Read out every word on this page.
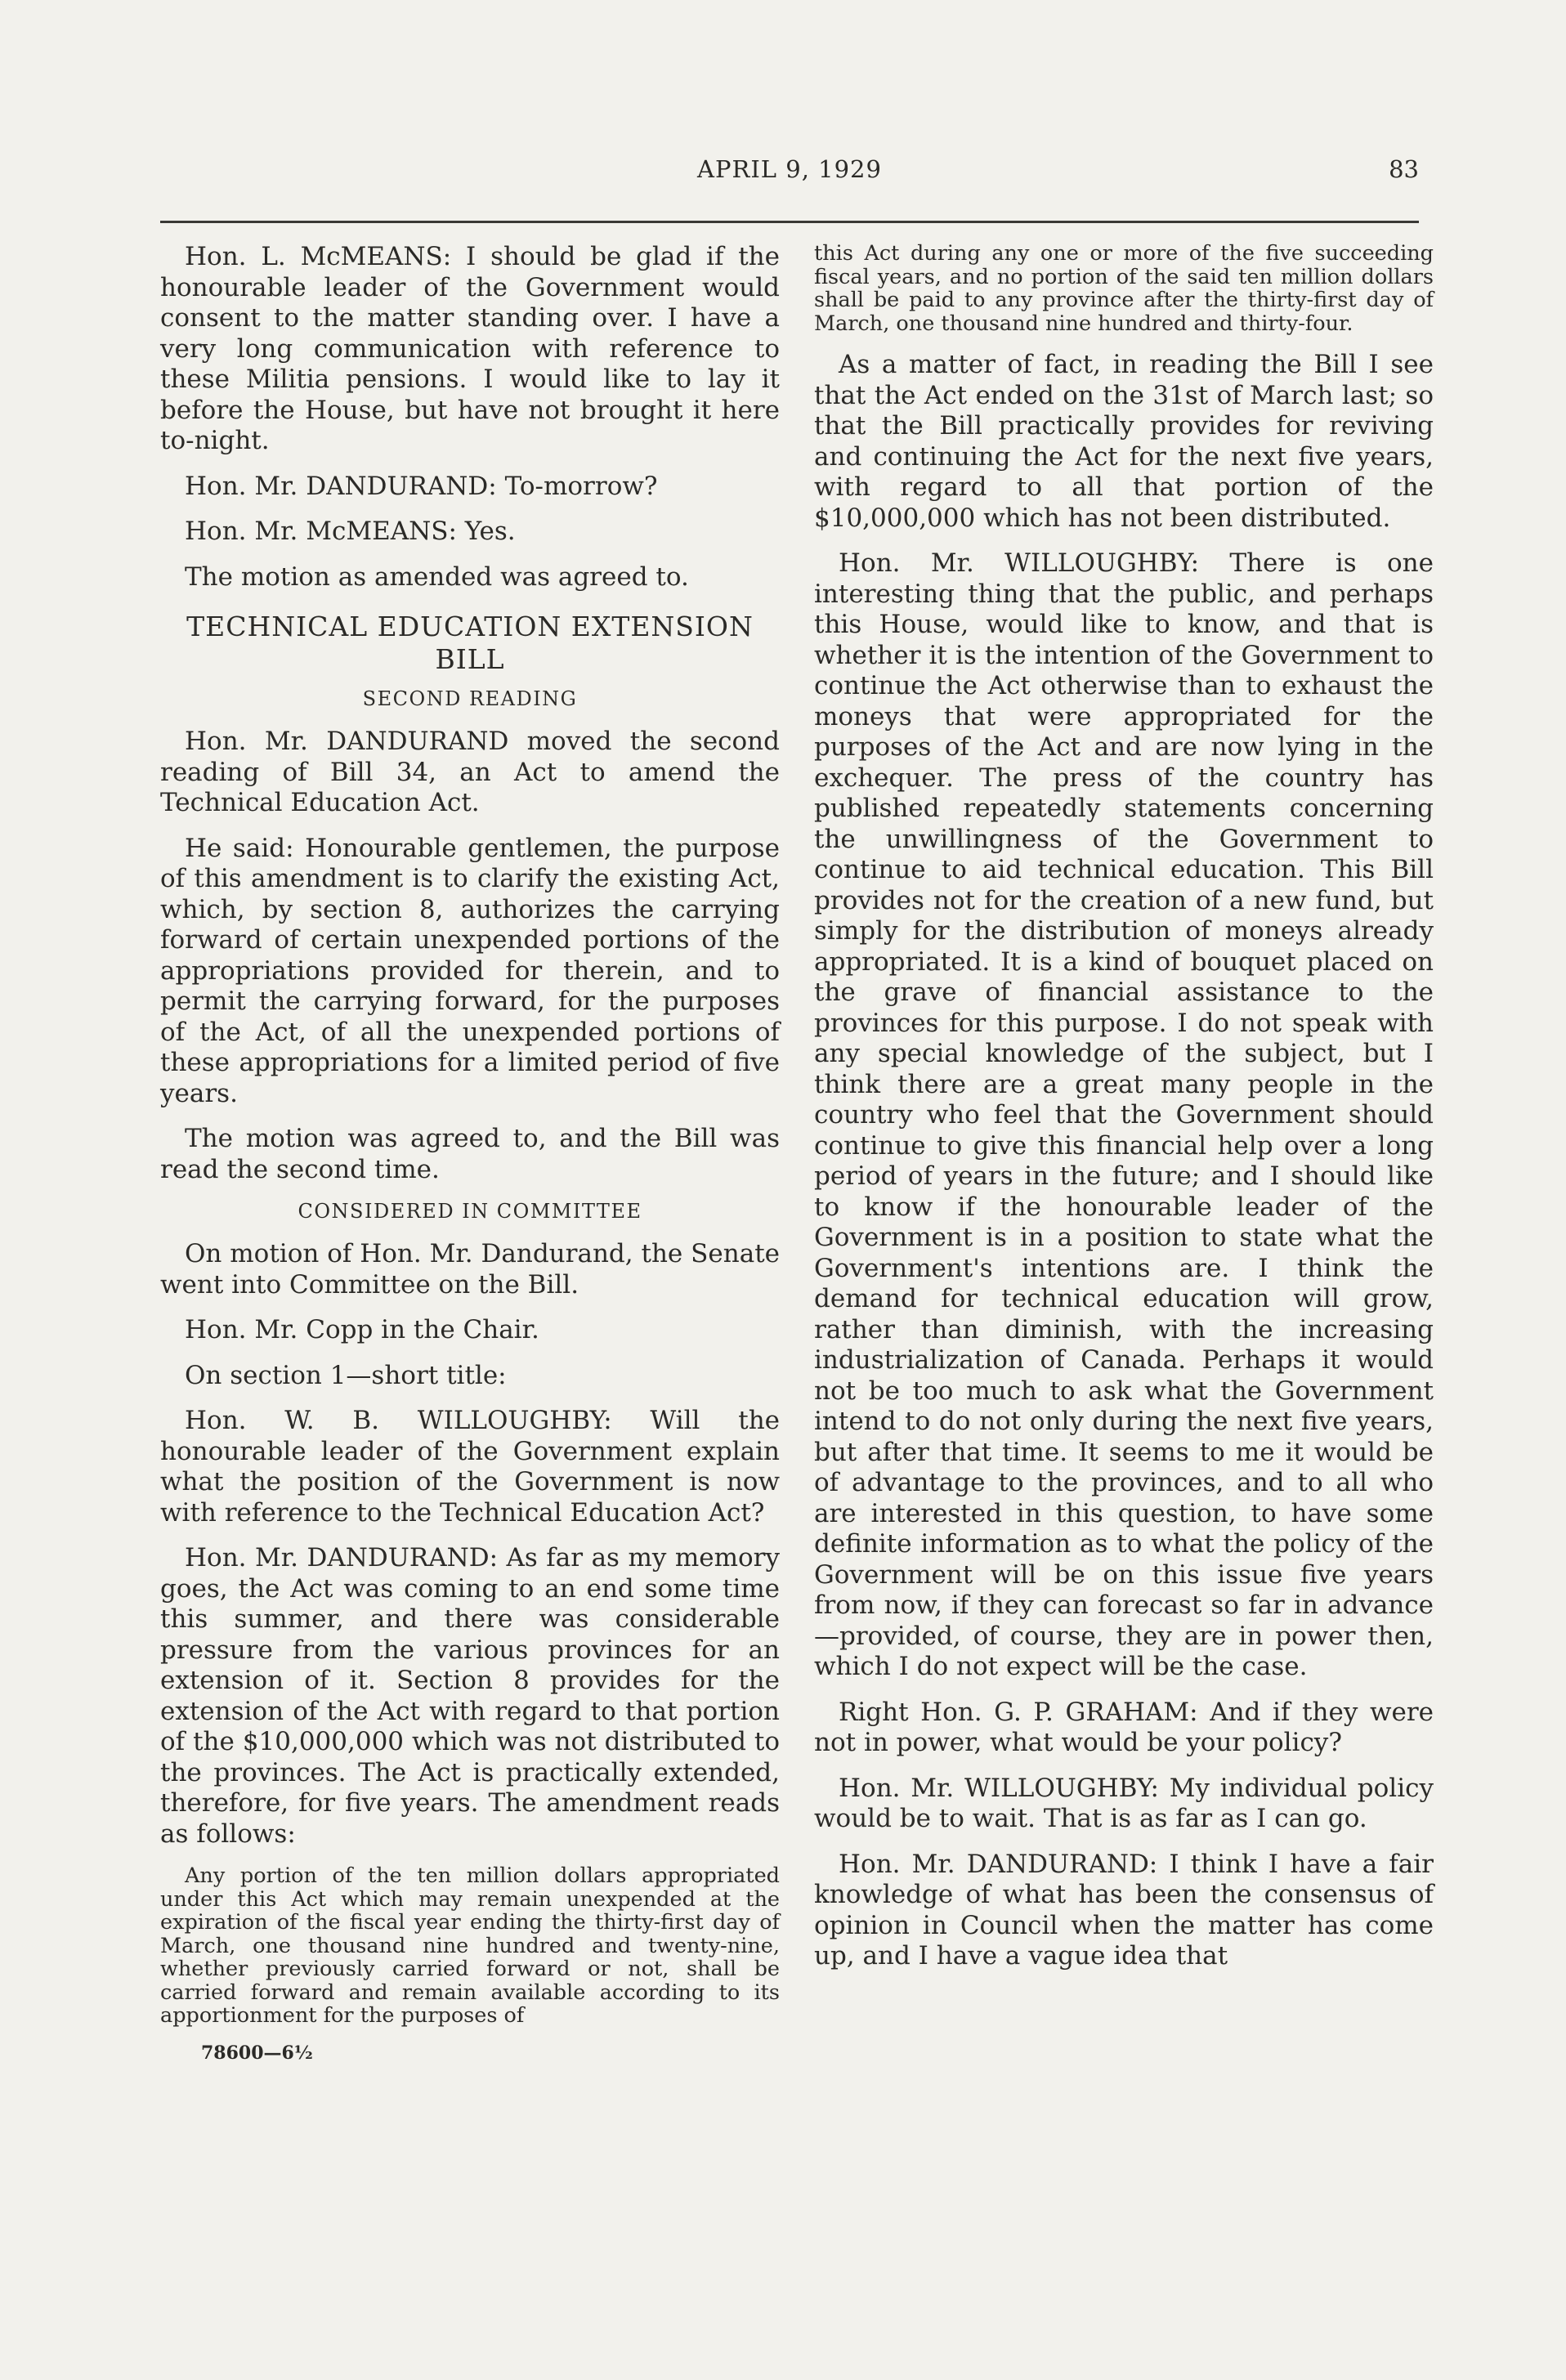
APRIL 9, 1929	83

Hon. L. McMEANS: I should be glad if the honourable leader of the Government would consent to the matter standing over. I have a very long communication with reference to these Militia pensions. I would like to lay it before the House, but have not brought it here to-night.

Hon. Mr. DANDURAND: To-morrow?

Hon. Mr. McMEANS: Yes.

The motion as amended was agreed to.

TECHNICAL EDUCATION EXTENSION BILL
SECOND READING

Hon. Mr. DANDURAND moved the second reading of Bill 34, an Act to amend the Technical Education Act.

He said: Honourable gentlemen, the purpose of this amendment is to clarify the existing Act, which, by section 8, authorizes the carrying forward of certain unexpended portions of the appropriations provided for therein, and to permit the carrying forward, for the purposes of the Act, of all the unexpended portions of these appropriations for a limited period of five years.

The motion was agreed to, and the Bill was read the second time.

CONSIDERED IN COMMITTEE

On motion of Hon. Mr. Dandurand, the Senate went into Committee on the Bill.

Hon. Mr. Copp in the Chair.

On section 1—short title:

Hon. W. B. WILLOUGHBY: Will the honourable leader of the Government explain what the position of the Government is now with reference to the Technical Education Act?

Hon. Mr. DANDURAND: As far as my memory goes, the Act was coming to an end some time this summer, and there was considerable pressure from the various provinces for an extension of it. Section 8 provides for the extension of the Act with regard to that portion of the $10,000,000 which was not distributed to the provinces. The Act is practically extended, therefore, for five years. The amendment reads as follows:

Any portion of the ten million dollars appropriated under this Act which may remain unexpended at the expiration of the fiscal year ending the thirty-first day of March, one thousand nine hundred and twenty-nine, whether previously carried forward or not, shall be carried forward and remain available according to its apportionment for the purposes of

78600—6½

this Act during any one or more of the five succeeding fiscal years, and no portion of the said ten million dollars shall be paid to any province after the thirty-first day of March, one thousand nine hundred and thirty-four.

As a matter of fact, in reading the Bill I see that the Act ended on the 31st of March last; so that the Bill practically provides for reviving and continuing the Act for the next five years, with regard to all that portion of the $10,000,000 which has not been distributed.

Hon. Mr. WILLOUGHBY: There is one interesting thing that the public, and perhaps this House, would like to know, and that is whether it is the intention of the Government to continue the Act otherwise than to exhaust the moneys that were appropriated for the purposes of the Act and are now lying in the exchequer. The press of the country has published repeatedly statements concerning the unwillingness of the Government to continue to aid technical education. This Bill provides not for the creation of a new fund, but simply for the distribution of moneys already appropriated. It is a kind of bouquet placed on the grave of financial assistance to the provinces for this purpose. I do not speak with any special knowledge of the subject, but I think there are a great many people in the country who feel that the Government should continue to give this financial help over a long period of years in the future; and I should like to know if the honourable leader of the Government is in a position to state what the Government's intentions are. I think the demand for technical education will grow, rather than diminish, with the increasing industrialization of Canada. Perhaps it would not be too much to ask what the Government intend to do not only during the next five years, but after that time. It seems to me it would be of advantage to the provinces, and to all who are interested in this question, to have some definite information as to what the policy of the Government will be on this issue five years from now, if they can forecast so far in advance—provided, of course, they are in power then, which I do not expect will be the case.

Right Hon. G. P. GRAHAM: And if they were not in power, what would be your policy?

Hon. Mr. WILLOUGHBY: My individual policy would be to wait. That is as far as I can go.

Hon. Mr. DANDURAND: I think I have a fair knowledge of what has been the consensus of opinion in Council when the matter has come up, and I have a vague idea that
